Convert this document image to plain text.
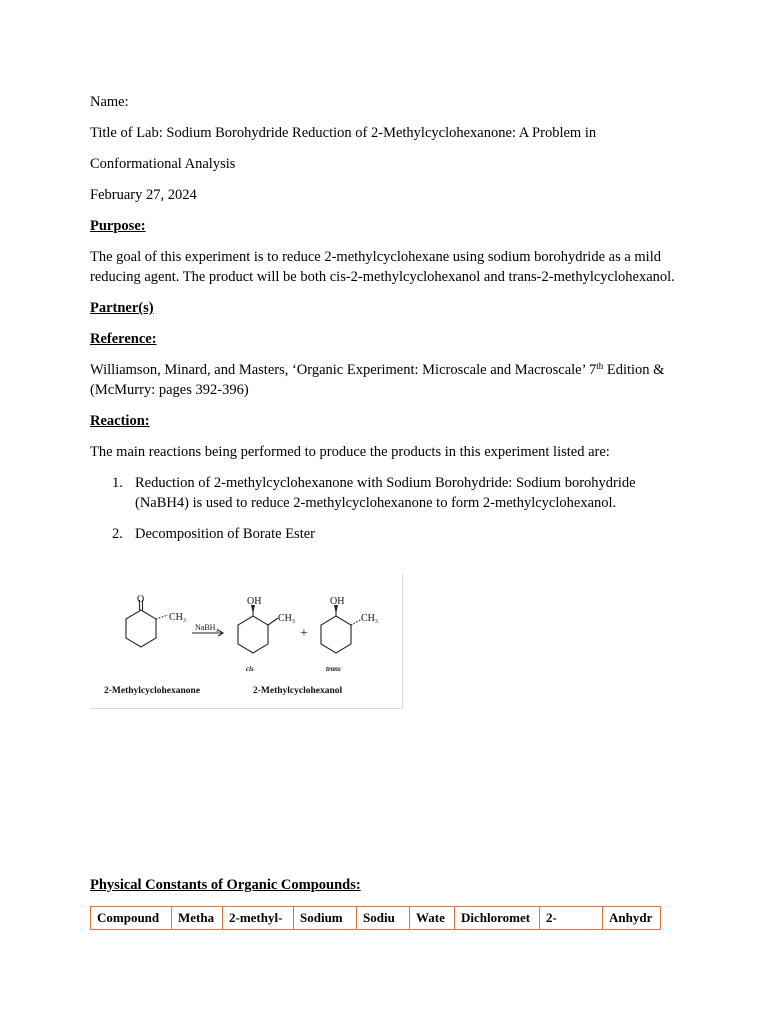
Name:

Title of Lab: Sodium Borohydride Reduction of 2-Methylcyclohexanone: A Problem in

Conformational Analysis

February 27, 2024

Purpose:

The goal of this experiment is to reduce 2-methylcyclohexane using sodium borohydride as a mild reducing agent. The product will be both cis-2-methylcyclohexanol and trans-2-methylcyclohexanol.

Partner(s)

Reference:

Williamson, Minard, and Masters, ‘Organic Experiment: Microscale and Macroscale’ 7th Edition & (McMurry: pages 392-396)

Reaction:

The main reactions being performed to produce the products in this experiment listed are:

1. Reduction of 2-methylcyclohexanone with Sodium Borohydride: Sodium borohydride (NaBH4) is used to reduce 2-methylcyclohexanone to form 2-methylcyclohexanol.
2. Decomposition of Borate Ester
O
$CH_3$
NaBH$_4$
OH
$CH_3$
+
OH
$CH_3$
cis	trans
2-Methylcyclohexanone	2-Methylcyclohexanol
Physical Constants of Organic Compounds:
Compound	Metha	2-methyl-	Sodium	Sodiu	Wate	Dichloromet	2-	Anhydr
